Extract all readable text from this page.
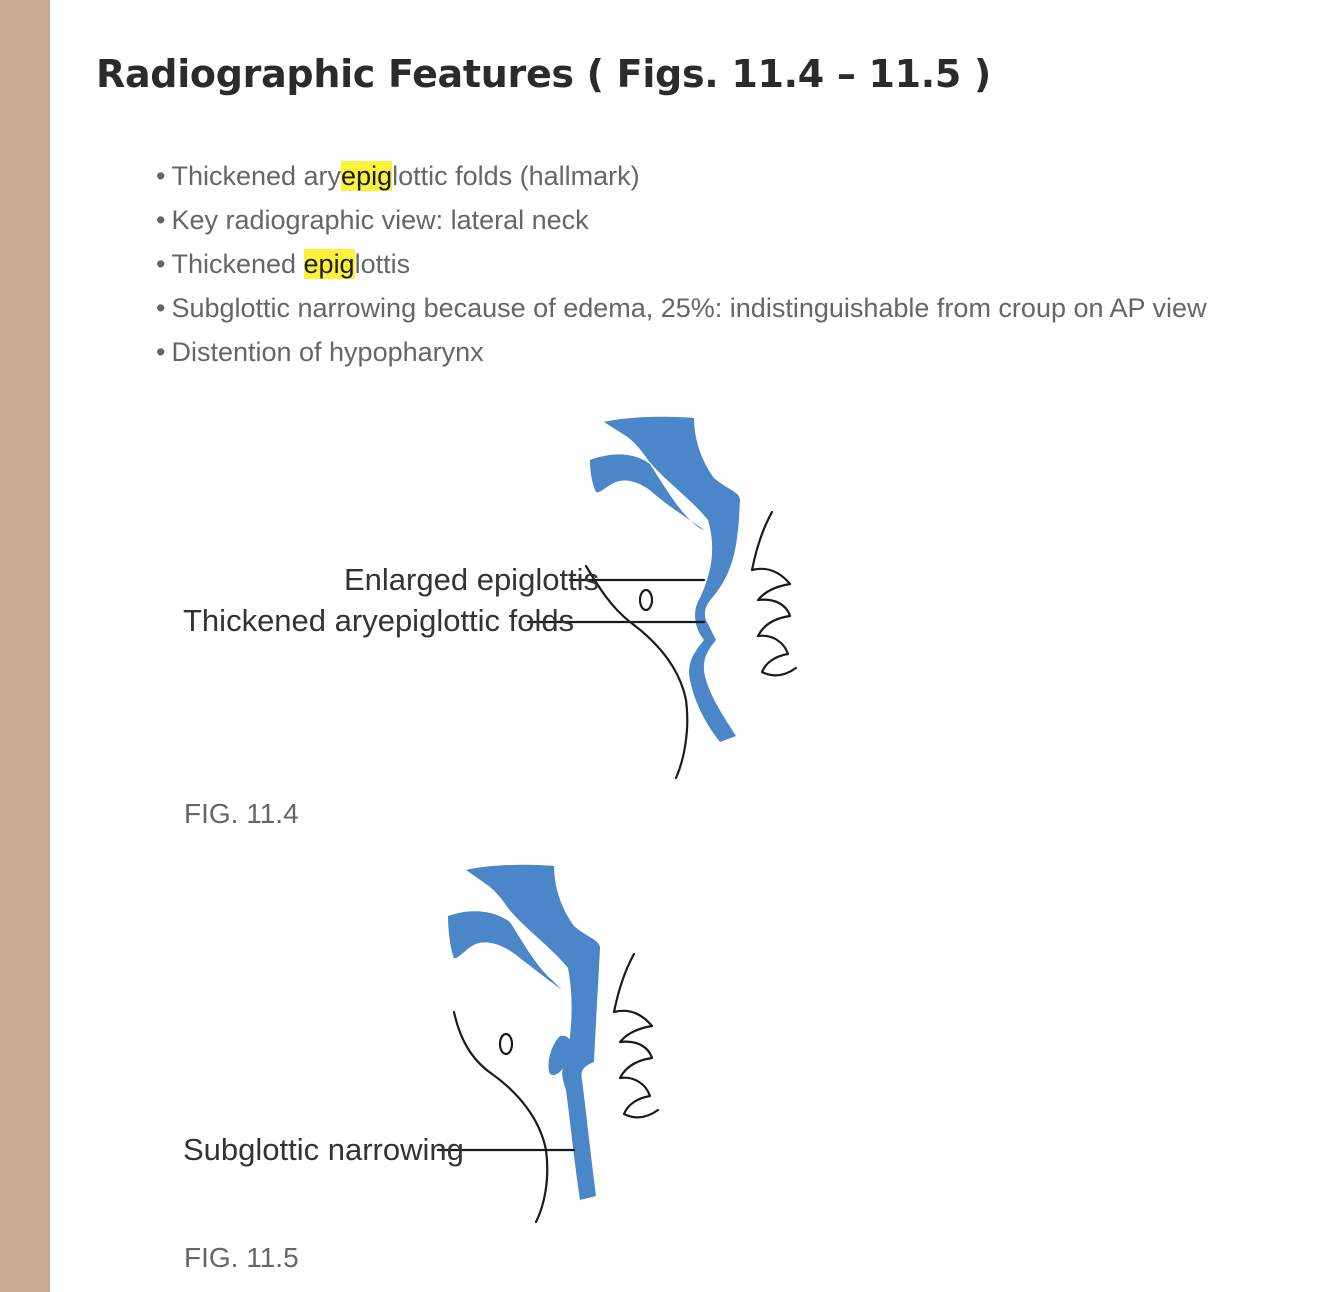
Radiographic Features ( Figs. 11.4 – 11.5 )
• Thickened aryepiglottic folds (hallmark)
• Key radiographic view: lateral neck
• Thickened epiglottis
• Subglottic narrowing because of edema, 25%: indistinguishable from croup on AP view
• Distention of hypopharynx
Enlarged epiglottis
Thickened aryepiglottic folds
Subglottic narrowing
FIG. 11.4
FIG. 11.5
